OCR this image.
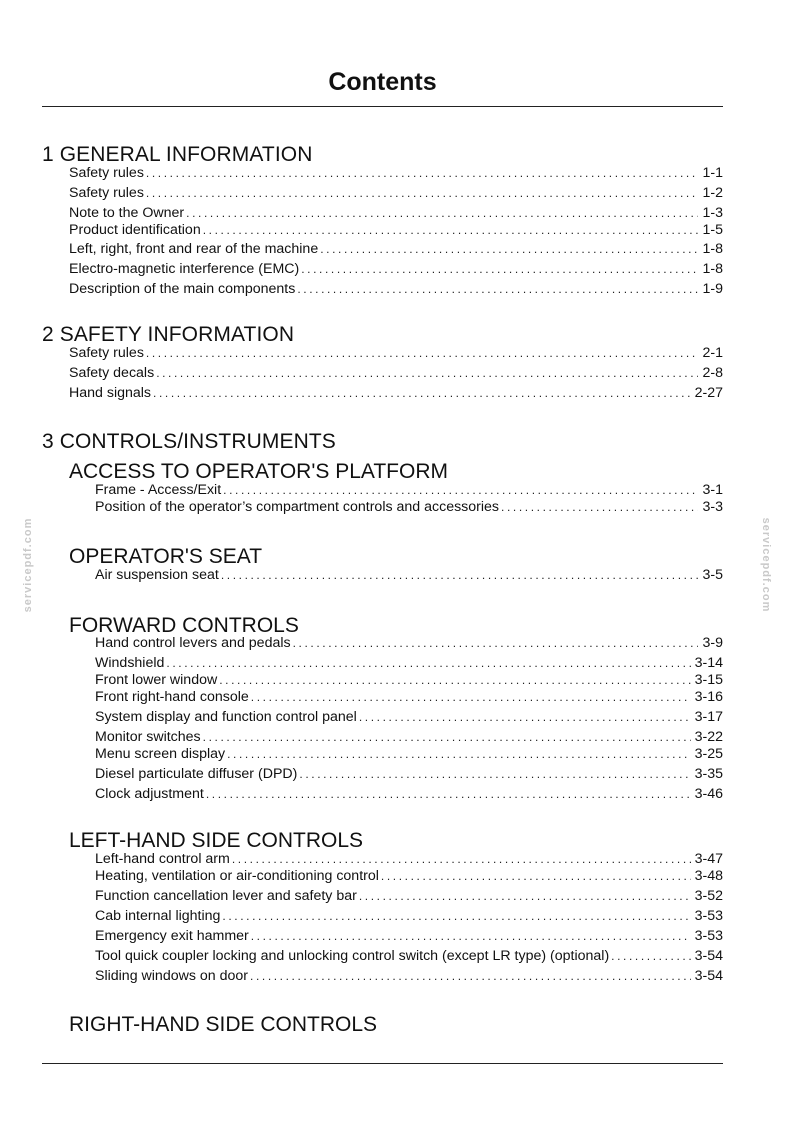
Contents
1 GENERAL INFORMATION
Safety rules .....	1-1
Safety rules .....	1-2
Note to the Owner .....	1-3
Product identification .....	1-5
Left, right, front and rear of the machine .....	1-8
Electro-magnetic interference (EMC) .....	1-8
Description of the main components .....	1-9
2 SAFETY INFORMATION
Safety rules .....	2-1
Safety decals .....	2-8
Hand signals .....	2-27
3 CONTROLS/INSTRUMENTS
ACCESS TO OPERATOR'S PLATFORM
Frame - Access/Exit .....	3-1
Position of the operator’s compartment controls and accessories .....	3-3
OPERATOR'S SEAT
Air suspension seat .....	3-5
FORWARD CONTROLS
Hand control levers and pedals .....	3-9
Windshield .....	3-14
Front lower window .....	3-15
Front right-hand console .....	3-16
System display and function control panel .....	3-17
Monitor switches .....	3-22
Menu screen display .....	3-25
Diesel particulate diffuser (DPD) .....	3-35
Clock adjustment .....	3-46
LEFT-HAND SIDE CONTROLS
Left-hand control arm .....	3-47
Heating, ventilation or air-conditioning control .....	3-48
Function cancellation lever and safety bar .....	3-52
Cab internal lighting .....	3-53
Emergency exit hammer .....	3-53
Tool quick coupler locking and unlocking control switch (except LR type) (optional) .....	3-54
Sliding windows on door .....	3-54
RIGHT-HAND SIDE CONTROLS
servicepdf.com	servicepdf.com
